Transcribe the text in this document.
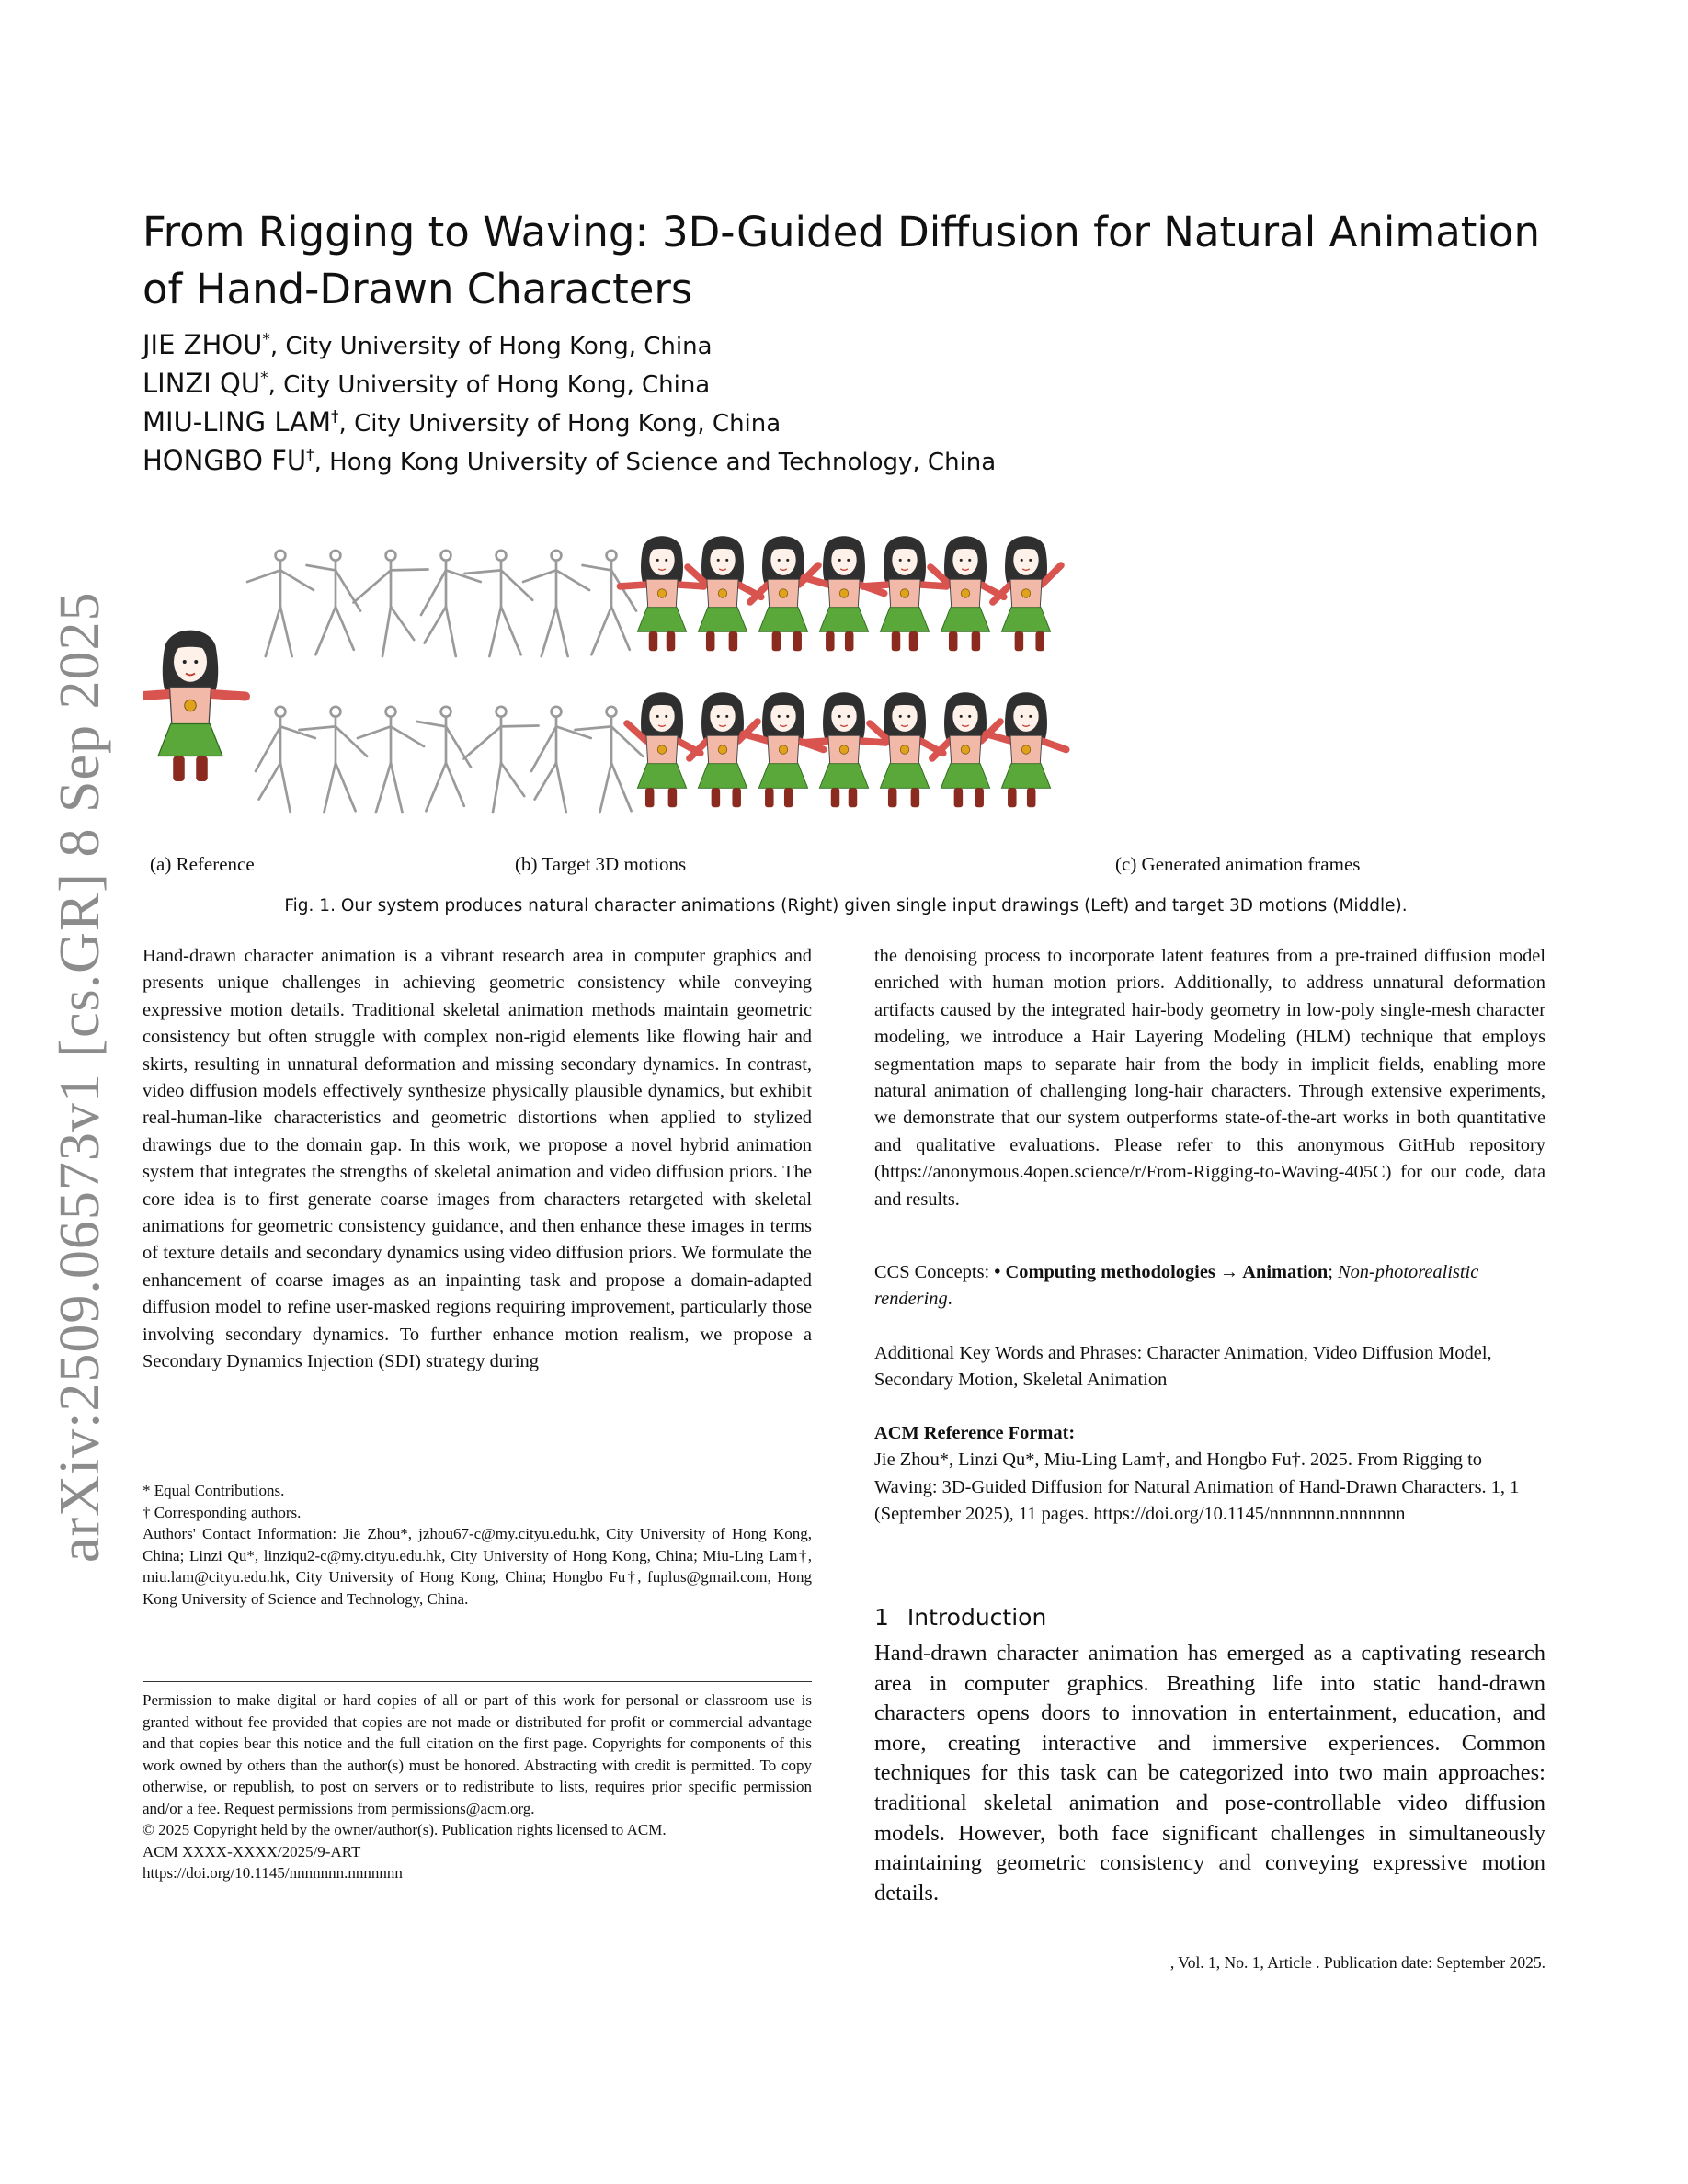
arXiv:2509.06573v1 [cs.GR] 8 Sep 2025
From Rigging to Waving: 3D-Guided Diffusion for Natural Animation of Hand-Drawn Characters
JIE ZHOU*, City University of Hong Kong, China
LINZI QU*, City University of Hong Kong, China
MIU-LING LAM†, City University of Hong Kong, China
HONGBO FU†, Hong Kong University of Science and Technology, China
(a) Reference	(b) Target 3D motions	(c) Generated animation frames
Fig. 1. Our system produces natural character animations (Right) given single input drawings (Left) and target 3D motions (Middle).
Hand-drawn character animation is a vibrant research area in computer graphics and presents unique challenges in achieving geometric consistency while conveying expressive motion details. Traditional skeletal animation methods maintain geometric consistency but often struggle with complex non-rigid elements like flowing hair and skirts, resulting in unnatural deformation and missing secondary dynamics. In contrast, video diffusion models effectively synthesize physically plausible dynamics, but exhibit real-human-like characteristics and geometric distortions when applied to stylized drawings due to the domain gap. In this work, we propose a novel hybrid animation system that integrates the strengths of skeletal animation and video diffusion priors. The core idea is to first generate coarse images from characters retargeted with skeletal animations for geometric consistency guidance, and then enhance these images in terms of texture details and secondary dynamics using video diffusion priors. We formulate the enhancement of coarse images as an inpainting task and propose a domain-adapted diffusion model to refine user-masked regions requiring improvement, particularly those involving secondary dynamics. To further enhance motion realism, we propose a Secondary Dynamics Injection (SDI) strategy during
the denoising process to incorporate latent features from a pre-trained diffusion model enriched with human motion priors. Additionally, to address unnatural deformation artifacts caused by the integrated hair-body geometry in low-poly single-mesh character modeling, we introduce a Hair Layering Modeling (HLM) technique that employs segmentation maps to separate hair from the body in implicit fields, enabling more natural animation of challenging long-hair characters. Through extensive experiments, we demonstrate that our system outperforms state-of-the-art works in both quantitative and qualitative evaluations. Please refer to this anonymous GitHub repository (https://anonymous.4open.science/r/From-Rigging-to-Waving-405C) for our code, data and results.
CCS Concepts: • Computing methodologies → Animation; Non-photorealistic rendering.
Additional Key Words and Phrases: Character Animation, Video Diffusion Model, Secondary Motion, Skeletal Animation
ACM Reference Format:
Jie Zhou*, Linzi Qu*, Miu-Ling Lam†, and Hongbo Fu†. 2025. From Rigging to Waving: 3D-Guided Diffusion for Natural Animation of Hand-Drawn Characters. 1, 1 (September 2025), 11 pages. https://doi.org/10.1145/nnnnnnn.nnnnnnn
* Equal Contributions.
† Corresponding authors.
Authors' Contact Information: Jie Zhou*, jzhou67-c@my.cityu.edu.hk, City University of Hong Kong, China; Linzi Qu*, linziqu2-c@my.cityu.edu.hk, City University of Hong Kong, China; Miu-Ling Lam†, miu.lam@cityu.edu.hk, City University of Hong Kong, China; Hongbo Fu†, fuplus@gmail.com, Hong Kong University of Science and Technology, China.
Permission to make digital or hard copies of all or part of this work for personal or classroom use is granted without fee provided that copies are not made or distributed for profit or commercial advantage and that copies bear this notice and the full citation on the first page. Copyrights for components of this work owned by others than the author(s) must be honored. Abstracting with credit is permitted. To copy otherwise, or republish, to post on servers or to redistribute to lists, requires prior specific permission and/or a fee. Request permissions from permissions@acm.org.
© 2025 Copyright held by the owner/author(s). Publication rights licensed to ACM.
ACM XXXX-XXXX/2025/9-ART
https://doi.org/10.1145/nnnnnnn.nnnnnnn
1 Introduction
Hand-drawn character animation has emerged as a captivating research area in computer graphics. Breathing life into static hand-drawn characters opens doors to innovation in entertainment, education, and more, creating interactive and immersive experiences. Common techniques for this task can be categorized into two main approaches: traditional skeletal animation and pose-controllable video diffusion models. However, both face significant challenges in simultaneously maintaining geometric consistency and conveying expressive motion details.
, Vol. 1, No. 1, Article . Publication date: September 2025.
